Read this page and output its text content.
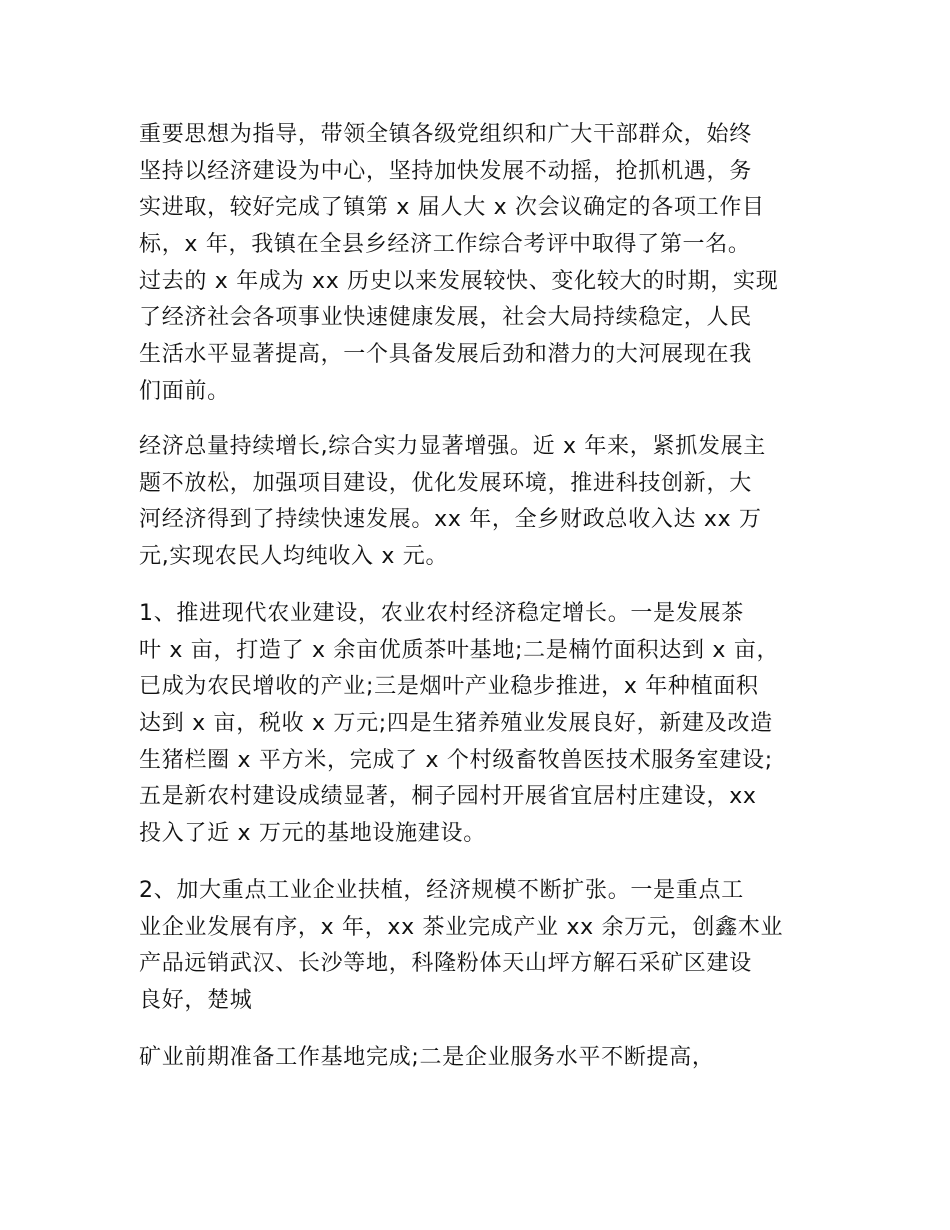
重要思想为指导，带领全镇各级党组织和广大干部群众，始终
坚持以经济建设为中心，坚持加快发展不动摇，抢抓机遇，务
实进取，较好完成了镇第 x 届人大 x 次会议确定的各项工作目
标，x 年，我镇在全县乡经济工作综合考评中取得了第一名。
过去的 x 年成为 xx 历史以来发展较快、变化较大的时期，实现
了经济社会各项事业快速健康发展，社会大局持续稳定，人民
生活水平显著提高，一个具备发展后劲和潜力的大河展现在我
们面前。

经济总量持续增长,综合实力显著增强。近 x 年来，紧抓发展主
题不放松，加强项目建设，优化发展环境，推进科技创新，大
河经济得到了持续快速发展。xx 年，全乡财政总收入达 xx 万
元,实现农民人均纯收入 x 元。

1、推进现代农业建设，农业农村经济稳定增长。一是发展茶
叶 x 亩，打造了 x 余亩优质茶叶基地;二是楠竹面积达到 x 亩，
已成为农民增收的产业;三是烟叶产业稳步推进，x 年种植面积
达到 x 亩，税收 x 万元;四是生猪养殖业发展良好，新建及改造
生猪栏圈 x 平方米，完成了 x 个村级畜牧兽医技术服务室建设;
五是新农村建设成绩显著，桐子园村开展省宜居村庄建设，xx
投入了近 x 万元的基地设施建设。

2、加大重点工业企业扶植，经济规模不断扩张。一是重点工
业企业发展有序，x 年，xx 茶业完成产业 xx 余万元，创鑫木业
产品远销武汉、长沙等地，科隆粉体天山坪方解石采矿区建设
良好，楚城

矿业前期准备工作基地完成;二是企业服务水平不断提高，
